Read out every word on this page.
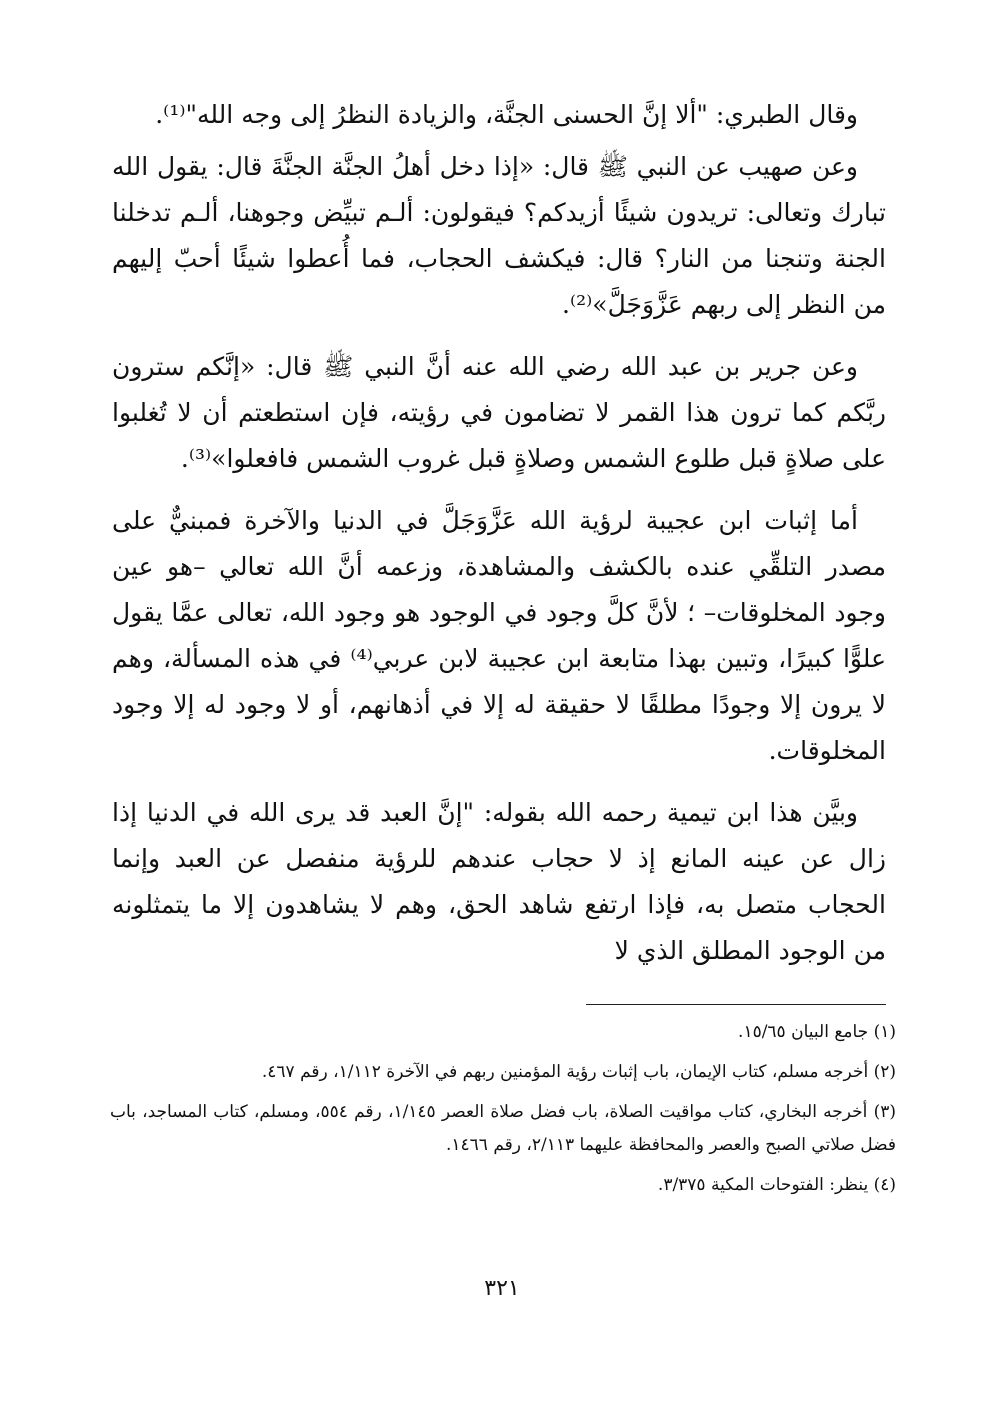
وقال الطبري: "ألا إنَّ الحسنى الجنَّة، والزيادة النظرُ إلى وجه الله"⁽¹⁾.

وعن صهيب عن النبي ﷺ قال: «إذا دخل أهلُ الجنَّة الجنَّةَ قال: يقول الله تبارك وتعالى: تريدون شيئًا أزيدكم؟ فيقولون: ألـم تبيِّض وجوهنا، ألـم تدخلنا الجنة وتنجنا من النار؟ قال: فيكشف الحجاب، فما أُعطوا شيئًا أحبّ إليهم من النظر إلى ربهم عَزَّوَجَلَّ»⁽²⁾.

وعن جرير بن عبد الله رضي الله عنه أنَّ النبي ﷺ قال: «إنَّكم سترون ربَّكم كما ترون هذا القمر لا تضامون في رؤيته، فإن استطعتم أن لا تُغلبوا على صلاةٍ قبل طلوع الشمس وصلاةٍ قبل غروب الشمس فافعلوا»⁽³⁾.

أما إثبات ابن عجيبة لرؤية الله عَزَّوَجَلَّ في الدنيا والآخرة فمبنيٌّ على مصدر التلقِّي عنده بالكشف والمشاهدة، وزعمه أنَّ الله تعالي –هو عين وجود المخلوقات– ؛ لأنَّ كلَّ وجود في الوجود هو وجود الله، تعالى عمَّا يقول علوًّا كبيرًا، وتبين بهذا متابعة ابن عجيبة لابن عربي⁽⁴⁾ في هذه المسألة، وهم لا يرون إلا وجودًا مطلقًا لا حقيقة له إلا في أذهانهم، أو لا وجود له إلا وجود المخلوقات.

وبيَّن هذا ابن تيمية رحمه الله بقوله: "إنَّ العبد قد يرى الله في الدنيا إذا زال عن عينه المانع إذ لا حجاب عندهم للرؤية منفصل عن العبد وإنما الحجاب متصل به، فإذا ارتفع شاهد الحق، وهم لا يشاهدون إلا ما يتمثلونه من الوجود المطلق الذي لا

(١) جامع البيان ١٥/٦٥.

(٢) أخرجه مسلم، كتاب الإيمان، باب إثبات رؤية المؤمنين ربهم في الآخرة ١/١١٢، رقم ٤٦٧.

(٣) أخرجه البخاري، كتاب مواقيت الصلاة، باب فضل صلاة العصر ١/١٤٥، رقم ٥٥٤، ومسلم، كتاب المساجد، باب فضل صلاتي الصبح والعصر والمحافظة عليهما ٢/١١٣، رقم ١٤٦٦.

(٤) ينظر: الفتوحات المكية ٣/٣٧٥.

٣٢١
